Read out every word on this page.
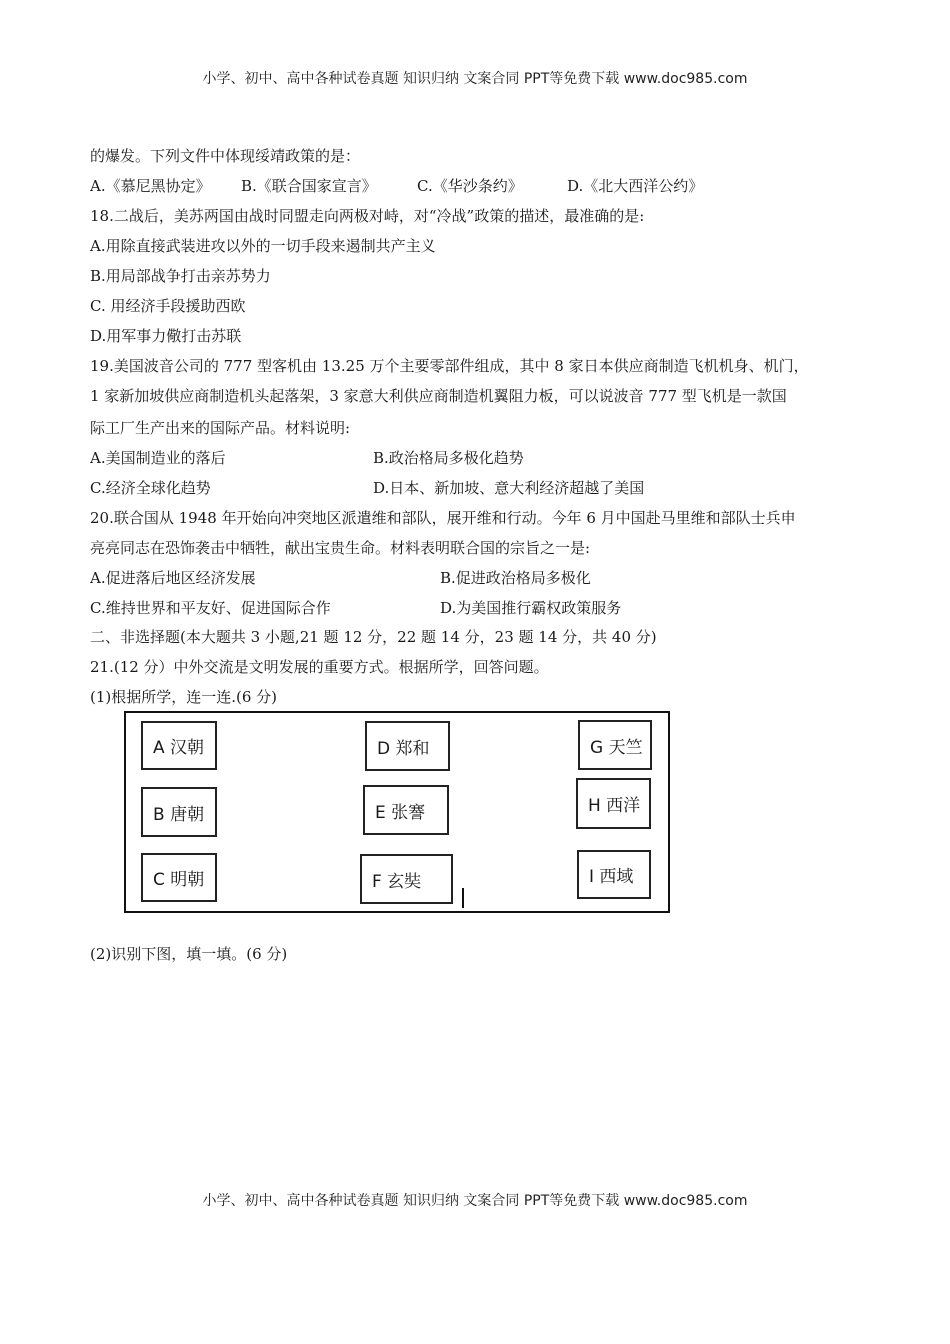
小学、初中、高中各种试卷真题 知识归纳 文案合同 PPT等免费下载 www.doc985.com
的爆发。下列文件中体现绥靖政策的是：
A.《慕尼黑协定》 B.《联合国家宣言》	C.《华沙条约》	D.《北大西洋公约》
18.二战后，美苏两国由战时同盟走向两极对峙，对“冷战”政策的描述，最准确的是:
A.用除直接武装进攻以外的一切手段来遏制共产主义
B.用局部战争打击亲苏势力
C. 用经济手段援助西欧
D.用军事力儆打击苏联
19.美国波音公司的 777 型客机由 13.25 万个主要零部件组成，其中 8 家日本供应商制造飞机机身、机门，
1 家新加坡供应商制造机头起落架，3 家意大利供应商制造机翼阻力板，可以说波音 777 型飞机是一款国
际工厂生产出来的国际产品。材料说明:
A.美国制造业的落后	B.政治格局多极化趋势
C.经济全球化趋势	D.日本、新加坡、意大利经济超越了美国
20.联合国从 1948 年开始向冲突地区派遣维和部队，展开维和行动。今年 6 月中国赴马里维和部队士兵申
亮亮同志在恐饰袭击中牺牲，献出宝贵生命。材料表明联合国的宗旨之一是:
A.促进落后地区经济发展	B.促进政治格局多极化
C.维持世界和平友好、促进国际合作	D.为美国推行霸权政策服务
二、非选择题(本大题共 3 小题,21 题 12 分，22 题 14 分，23 题 14 分，共 40 分)
21.(12 分）中外交流是文明发展的重要方式。根据所学，回答问题。
(1)根据所学，连一连.(6 分)
A 汉朝
B 唐朝
C 明朝
D 郑和
E 张謇
F 玄奘
G 天竺
H 西洋
I 西域
(2)识别下图，填一填。(6 分)
小学、初中、高中各种试卷真题 知识归纳 文案合同 PPT等免费下载 www.doc985.com
